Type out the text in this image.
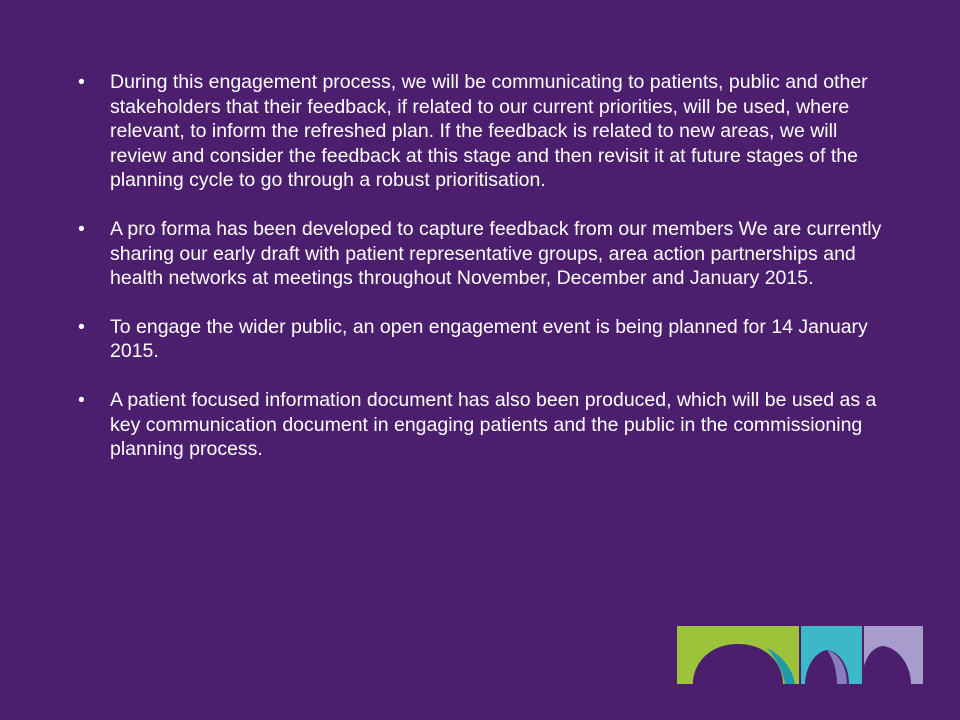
•	During this engagement process, we will be communicating to patients, public and other stakeholders that their feedback, if related to our current priorities, will be used, where relevant, to inform the refreshed plan. If the feedback is related to new areas, we will review and consider the feedback at this stage and then revisit it at future stages of the planning cycle to go through a robust prioritisation.
•	A pro forma has been developed to capture feedback from our members We are currently sharing our early draft with patient representative groups, area action partnerships and health networks at meetings throughout November, December and January 2015.
•	To engage the wider public, an open engagement event is being planned for 14 January 2015.
•	A patient focused information document has also been produced, which will be used as a key communication document in engaging patients and the public in the commissioning planning process.
